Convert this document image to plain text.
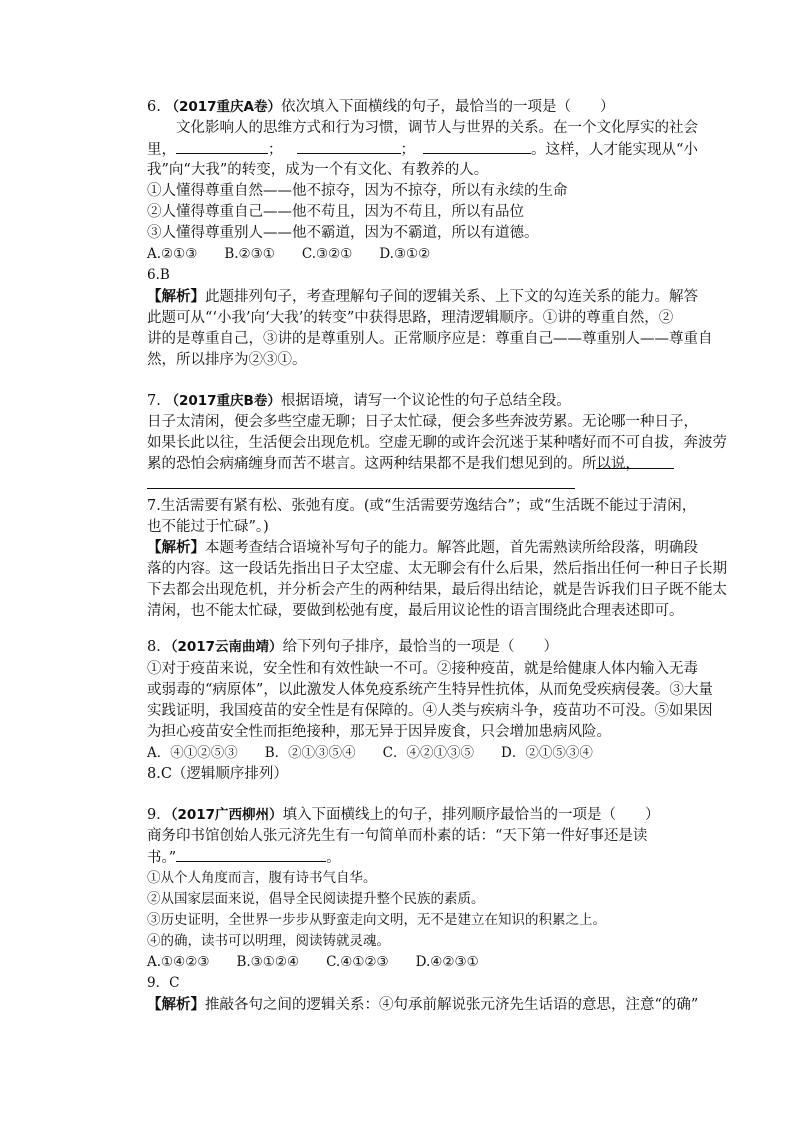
6. （2017重庆A卷）依次填入下面横线的句子，最恰当的一项是（　　）
文化影响人的思维方式和行为习惯，调节人与世界的关系。在一个文化厚实的社会
里，	；	；	。这样，人才能实现从“小
我”向“大我”的转变，成为一个有文化、有教养的人。
①人懂得尊重自然——他不掠夺，因为不掠夺，所以有永续的生命
②人懂得尊重自己——他不苟且，因为不苟且，所以有品位
③人懂得尊重别人——他不霸道，因为不霸道，所以有道德。
A.②①③　　B.②③①　　C.③②①　　D.③①②
6.B
【解析】此题排列句子，考查理解句子间的逻辑关系、上下文的勾连关系的能力。解答
此题可从“‘小我’向‘大我’的转变”中获得思路，理清逻辑顺序。①讲的尊重自然，②
讲的是尊重自己，③讲的是尊重别人。正常顺序应是：尊重自己——尊重别人——尊重自
然，所以排序为②③①。
7. （2017重庆B卷）根据语境，请写一个议论性的句子总结全段。
日子太清闲，便会多些空虚无聊；日子太忙碌，便会多些奔波劳累。无论哪一种日子，
如果长此以往，生活便会出现危机。空虚无聊的或许会沉迷于某种嗜好而不可自拔，奔波劳
累的恐怕会病痛缠身而苦不堪言。这两种结果都不是我们想见到的。所以说，
7.生活需要有紧有松、张弛有度。(或“生活需要劳逸结合”；或“生活既不能过于清闲，
也不能过于忙碌”。)
【解析】本题考查结合语境补写句子的能力。解答此题，首先需熟读所给段落，明确段
落的内容。这一段话先指出日子太空虚、太无聊会有什么后果，然后指出任何一种日子长期
下去都会出现危机，并分析会产生的两种结果，最后得出结论，就是告诉我们日子既不能太
清闲，也不能太忙碌，要做到松弛有度，最后用议论性的语言围绕此合理表述即可。
8．（2017云南曲靖）给下列句子排序，最恰当的一项是（　　）
①对于疫苗来说，安全性和有效性缺一不可。②接种疫苗，就是给健康人体内输入无毒
或弱毒的“病原体”，以此激发人体免疫系统产生特异性抗体，从而免受疾病侵袭。③大量
实践证明，我国疫苗的安全性是有保障的。④人类与疾病斗争，疫苗功不可没。⑤如果因
为担心疫苗安全性而拒绝接种，那无异于因异废食，只会增加患病风险。
A．④①②⑤③　　B．②①③⑤④　　C．④②①③⑤　　D．②①⑤③④
8.C（逻辑顺序排列）
9．（2017广西柳州）填入下面横线上的句子，排列顺序最恰当的一项是（　　）
商务印书馆创始人张元济先生有一句简单而朴素的话：“天下第一件好事还是读
书。”	。
①从个人角度而言，腹有诗书气自华。
②从国家层面来说，倡导全民阅读提升整个民族的素质。
③历史证明，全世界一步步从野蛮走向文明，无不是建立在知识的积累之上。
④的确，读书可以明理，阅读铸就灵魂。
A.①④②③　　B.③①②④　　C.④①②③　　D.④②③①
9．C
【解析】推敲各句之间的逻辑关系：④句承前解说张元济先生话语的意思，注意“的确”
